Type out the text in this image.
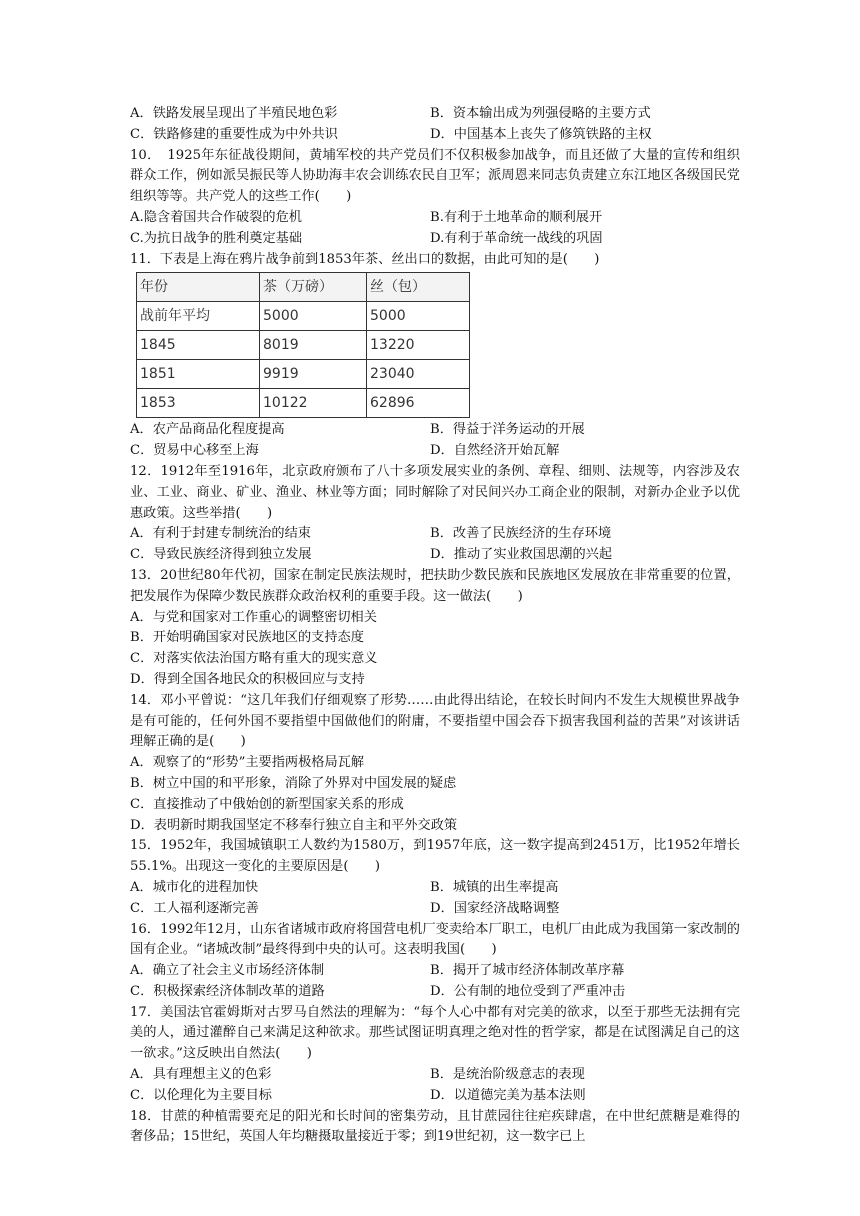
A．铁路发展呈现出了半殖民地色彩	B．资本输出成为列强侵略的主要方式
C．铁路修建的重要性成为中外共识	D．中国基本上丧失了修筑铁路的主权
10．　1925年东征战役期间，黄埔军校的共产党员们不仅积极参加战争，而且还做了大量的宣传和组织群众工作，例如派吴振民等人协助海丰农会训练农民自卫军；派周恩来同志负责建立东江地区各级国民党组织等等。共产党人的这些工作(　　)
A.隐含着国共合作破裂的危机	B.有利于土地革命的顺利展开
C.为抗日战争的胜利奠定基础	D.有利于革命统一战线的巩固
11．下表是上海在鸦片战争前到1853年茶、丝出口的数据，由此可知的是(　　)
年份	茶（万磅）	丝（包）
战前年平均	5000	5000
1845	8019	13220
1851	9919	23040
1853	10122	62896
A．农产品商品化程度提高	B．得益于洋务运动的开展
C．贸易中心移至上海	D．自然经济开始瓦解
12．1912年至1916年，北京政府颁布了八十多项发展实业的条例、章程、细则、法规等，内容涉及农业、工业、商业、矿业、渔业、林业等方面；同时解除了对民间兴办工商企业的限制，对新办企业予以优惠政策。这些举措(　　)
A．有利于封建专制统治的结束	B．改善了民族经济的生存环境
C．导致民族经济得到独立发展	D．推动了实业救国思潮的兴起
13．20世纪80年代初，国家在制定民族法规时，把扶助少数民族和民族地区发展放在非常重要的位置，把发展作为保障少数民族群众政治权利的重要手段。这一做法(　　)
A．与党和国家对工作重心的调整密切相关
B．开始明确国家对民族地区的支持态度
C．对落实依法治国方略有重大的现实意义
D．得到全国各地民众的积极回应与支持
14．邓小平曾说：“这几年我们仔细观察了形势……由此得出结论，在较长时间内不发生大规模世界战争是有可能的，任何外国不要指望中国做他们的附庸，不要指望中国会吞下损害我国利益的苦果”对该讲话理解正确的是(　　)
A．观察了的“形势”主要指两极格局瓦解
B．树立中国的和平形象，消除了外界对中国发展的疑虑
C．直接推动了中俄始创的新型国家关系的形成
D．表明新时期我国坚定不移奉行独立自主和平外交政策
15．1952年，我国城镇职工人数约为1580万，到1957年底，这一数字提高到2451万，比1952年增长55.1%。出现这一变化的主要原因是(　　)
A．城市化的进程加快	B．城镇的出生率提高
C．工人福利逐渐完善	D．国家经济战略调整
16．1992年12月，山东省诸城市政府将国营电机厂变卖给本厂职工，电机厂由此成为我国第一家改制的国有企业。“诸城改制”最终得到中央的认可。这表明我国(　　)
A．确立了社会主义市场经济体制	B．揭开了城市经济体制改革序幕
C．积极探索经济体制改革的道路	D．公有制的地位受到了严重冲击
17．美国法官霍姆斯对古罗马自然法的理解为：“每个人心中都有对完美的欲求，以至于那些无法拥有完美的人，通过灌醉自己来满足这种欲求。那些试图证明真理之绝对性的哲学家，都是在试图满足自己的这一欲求。”这反映出自然法(　　)
A．具有理想主义的色彩	B．是统治阶级意志的表现
C．以伦理化为主要目标	D．以道德完美为基本法则
18．甘蔗的种植需要充足的阳光和长时间的密集劳动，且甘蔗园往往疟疾肆虐，在中世纪蔗糖是难得的奢侈品；15世纪，英国人年均糖摄取量接近于零；到19世纪初，这一数字已上
